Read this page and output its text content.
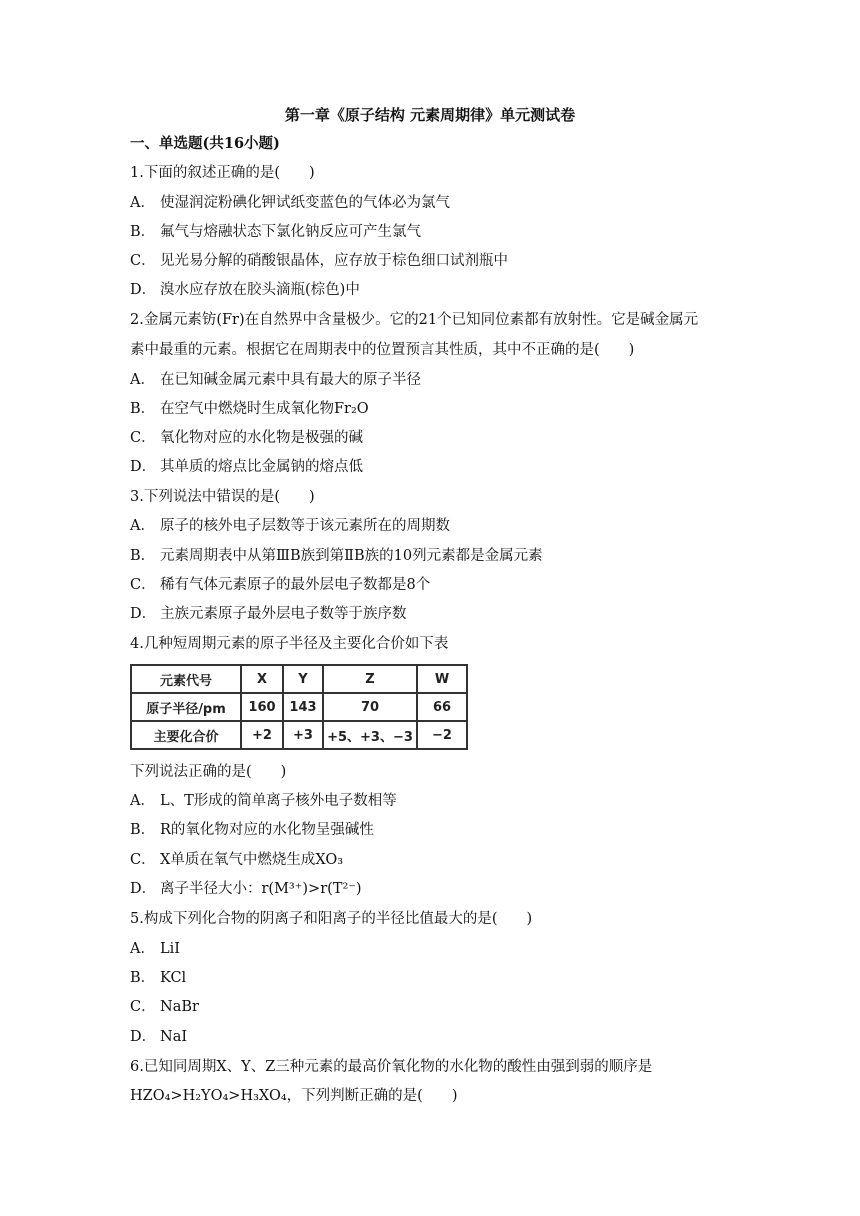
第一章《原子结构 元素周期律》单元测试卷
一、单选题(共16小题)
1.下面的叙述正确的是(　　)
A． 使湿润淀粉碘化钾试纸变蓝色的气体必为氯气
B． 氟气与熔融状态下氯化钠反应可产生氯气
C． 见光易分解的硝酸银晶体，应存放于棕色细口试剂瓶中
D． 溴水应存放在胶头滴瓶(棕色)中
2.金属元素钫(Fr)在自然界中含量极少。它的21个已知同位素都有放射性。它是碱金属元
素中最重的元素。根据它在周期表中的位置预言其性质，其中不正确的是(　　)
A． 在已知碱金属元素中具有最大的原子半径
B． 在空气中燃烧时生成氧化物Fr₂O
C． 氧化物对应的水化物是极强的碱
D． 其单质的熔点比金属钠的熔点低
3.下列说法中错误的是(　　)
A． 原子的核外电子层数等于该元素所在的周期数
B． 元素周期表中从第ⅢB族到第ⅡB族的10列元素都是金属元素
C． 稀有气体元素原子的最外层电子数都是8个
D． 主族元素原子最外层电子数等于族序数
4.几种短周期元素的原子半径及主要化合价如下表
元素代号	X	Y	Z	W
原子半径/pm	160	143	70	66
主要化合价	+2	+3	+5、+3、−3	−2
下列说法正确的是(　　)
A． L、T形成的简单离子核外电子数相等
B． R的氧化物对应的水化物呈强碱性
C． X单质在氧气中燃烧生成XO₃
D． 离子半径大小：r(M³⁺)>r(T²⁻)
5.构成下列化合物的阴离子和阳离子的半径比值最大的是(　　)
A． LiI
B． KCl
C． NaBr
D． NaI
6.已知同周期X、Y、Z三种元素的最高价氧化物的水化物的酸性由强到弱的顺序是
HZO₄>H₂YO₄>H₃XO₄，下列判断正确的是(　　)
